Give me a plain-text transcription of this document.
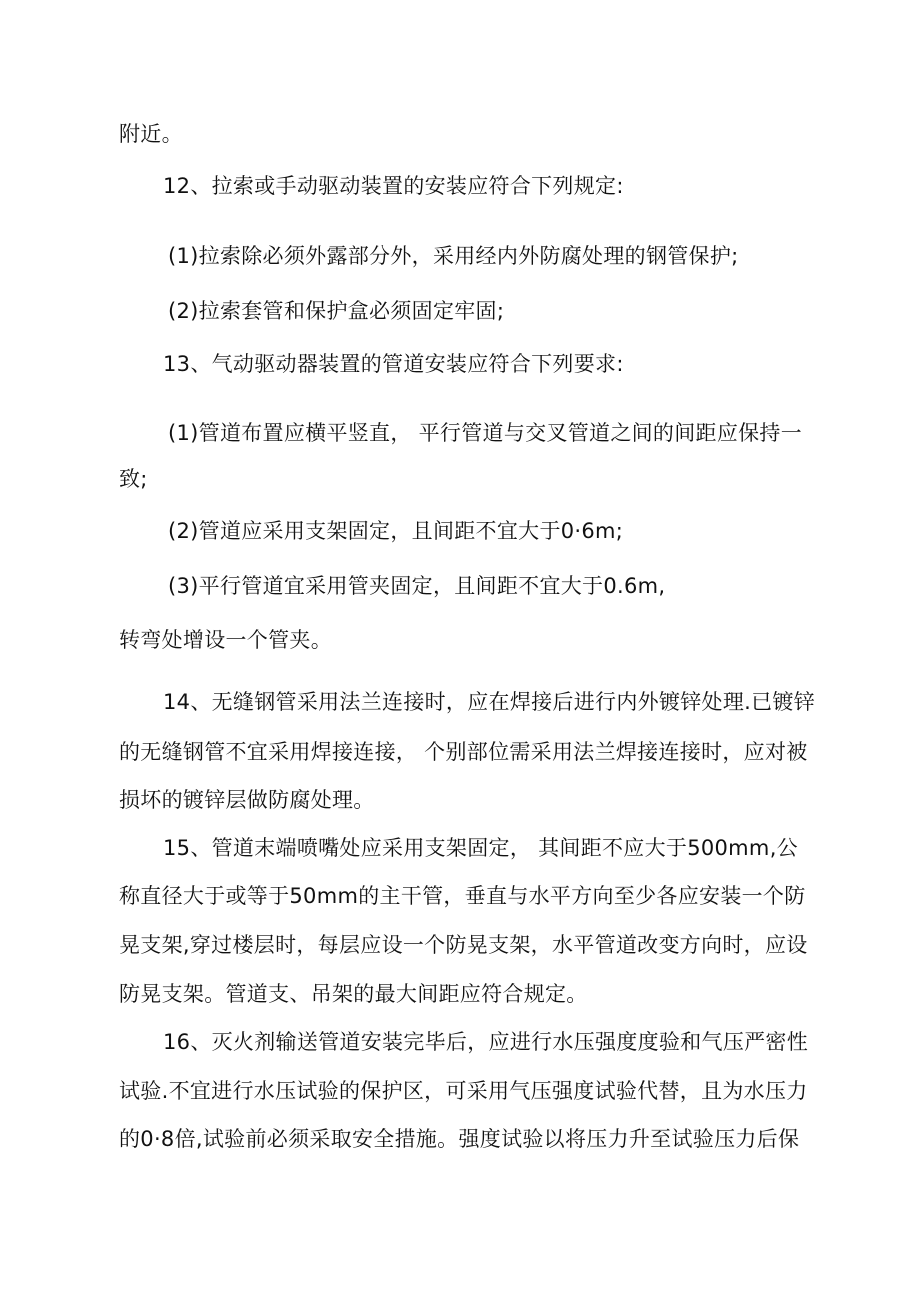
附近。
12、拉索或手动驱动装置的安装应符合下列规定:
(1)拉索除必须外露部分外，采用经内外防腐处理的钢管保护;
(2)拉索套管和保护盒必须固定牢固;
13、气动驱动器装置的管道安装应符合下列要求:
(1)管道布置应横平竖直， 平行管道与交叉管道之间的间距应保持一
致;
(2)管道应采用支架固定，且间距不宜大于0·6m;
(3)平行管道宜采用管夹固定，且间距不宜大于0.6m,
转弯处增设一个管夹。
14、无缝钢管采用法兰连接时，应在焊接后进行内外镀锌处理.已镀锌
的无缝钢管不宜采用焊接连接， 个别部位需采用法兰焊接连接时，应对被
损坏的镀锌层做防腐处理。
15、管道末端喷嘴处应采用支架固定， 其间距不应大于500mm,公
称直径大于或等于50mm的主干管，垂直与水平方向至少各应安装一个防
晃支架,穿过楼层时，每层应设一个防晃支架，水平管道改变方向时，应设
防晃支架。管道支、吊架的最大间距应符合规定。
16、灭火剂输送管道安装完毕后，应进行水压强度度验和气压严密性
试验.不宜进行水压试验的保护区，可采用气压强度试验代替，且为水压力
的0·8倍,试验前必须采取安全措施。强度试验以将压力升至试验压力后保
